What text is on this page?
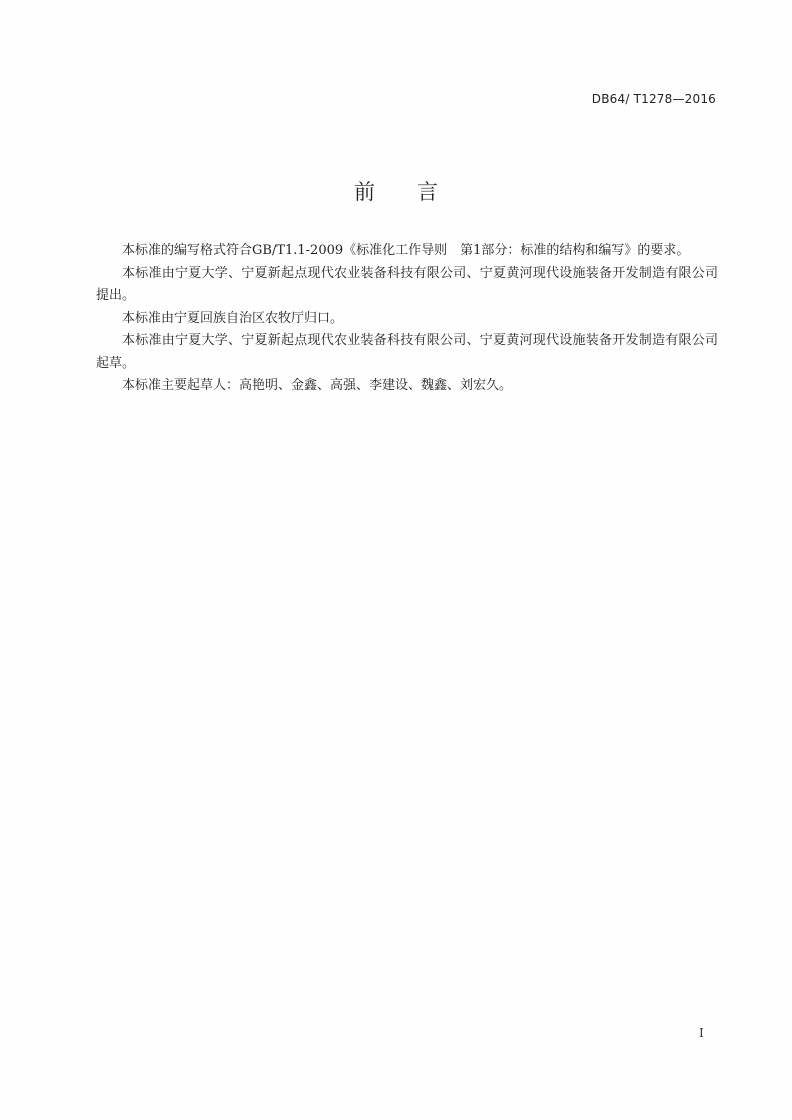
DB64/ T1278—2016
前言

本标准的编写格式符合GB/T1.1-2009《标准化工作导则　第1部分：标准的结构和编写》的要求。

本标准由宁夏大学、宁夏新起点现代农业装备科技有限公司、宁夏黄河现代设施装备开发制造有限公司提出。

本标准由宁夏回族自治区农牧厅归口。

本标准由宁夏大学、宁夏新起点现代农业装备科技有限公司、宁夏黄河现代设施装备开发制造有限公司起草。

本标准主要起草人：高艳明、金鑫、高强、李建设、魏鑫、刘宏久。

I
